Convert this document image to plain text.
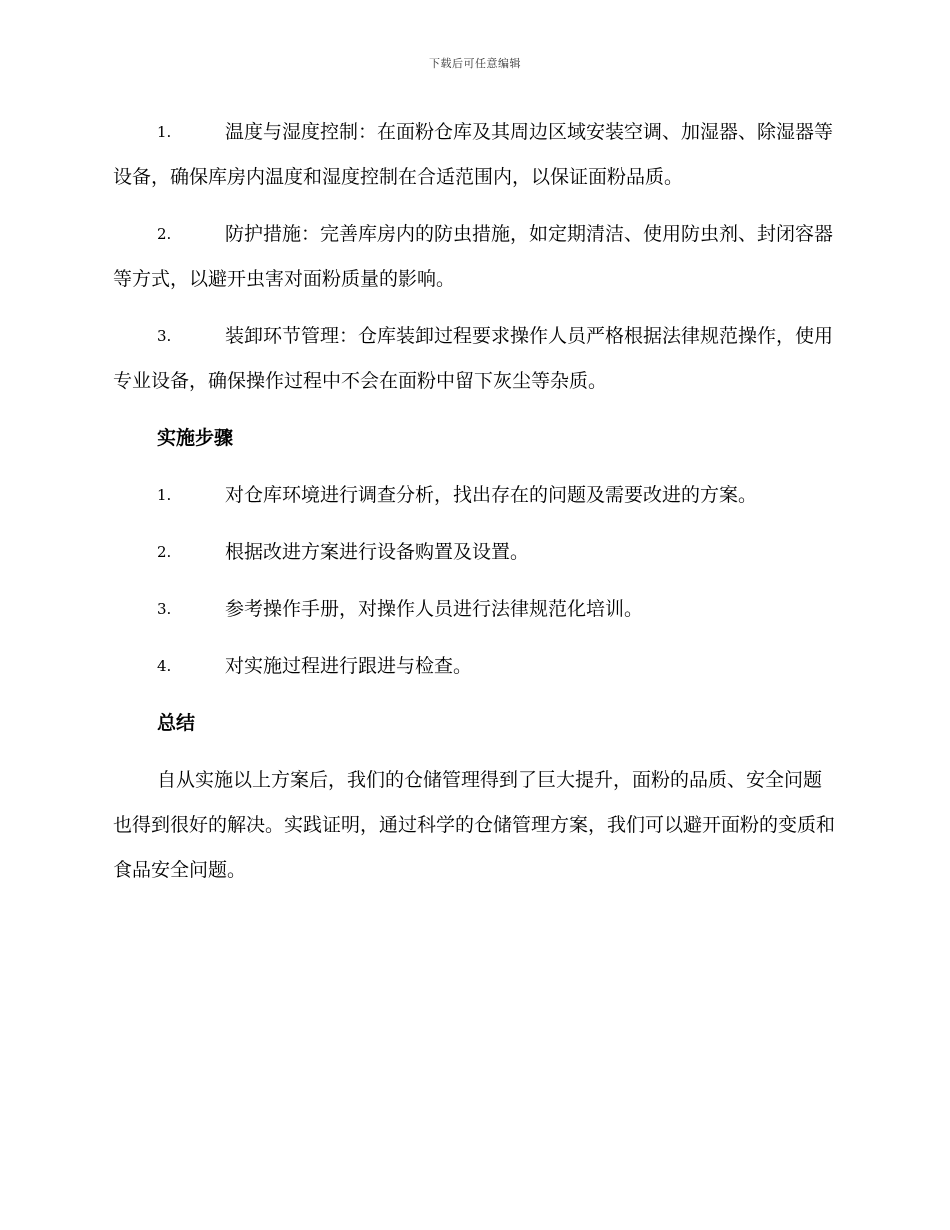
下载后可任意编辑
1.	温度与湿度控制：在面粉仓库及其周边区域安装空调、加湿器、除湿器等设备，确保库房内温度和湿度控制在合适范围内，以保证面粉品质。
2.	防护措施：完善库房内的防虫措施，如定期清洁、使用防虫剂、封闭容器等方式，以避开虫害对面粉质量的影响。
3.	装卸环节管理：仓库装卸过程要求操作人员严格根据法律规范操作，使用专业设备，确保操作过程中不会在面粉中留下灰尘等杂质。
实施步骤
1.	对仓库环境进行调查分析，找出存在的问题及需要改进的方案。
2.	根据改进方案进行设备购置及设置。
3.	参考操作手册，对操作人员进行法律规范化培训。
4.	对实施过程进行跟进与检查。
总结
自从实施以上方案后，我们的仓储管理得到了巨大提升，面粉的品质、安全问题也得到很好的解决。实践证明，通过科学的仓储管理方案，我们可以避开面粉的变质和食品安全问题。
